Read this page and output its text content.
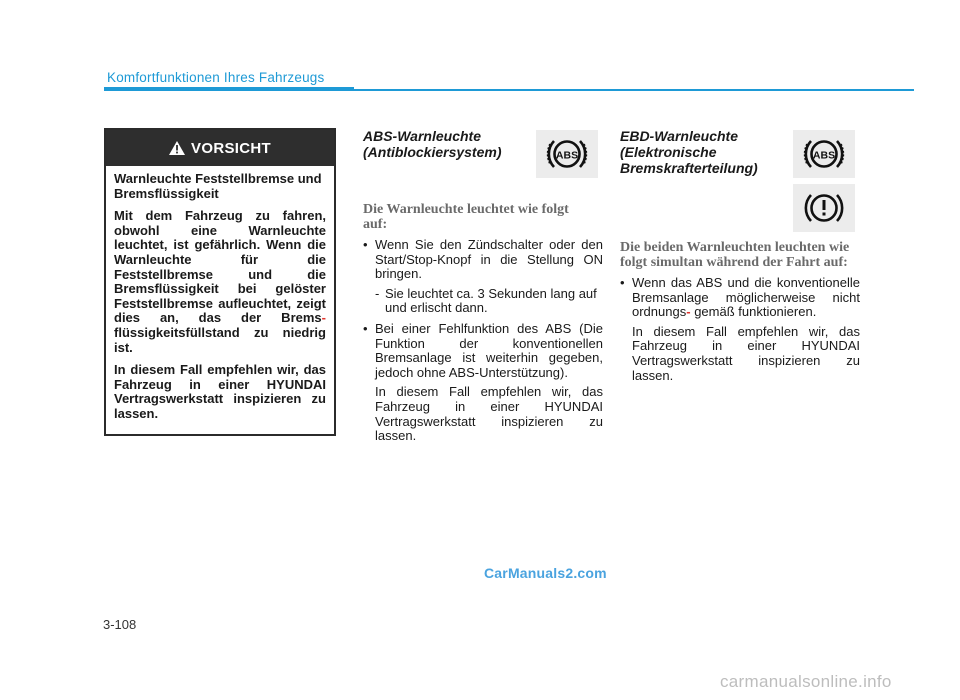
Komfortfunktionen Ihres Fahrzeugs
VORSICHT

Warnleuchte Feststellbremse und Bremsflüssigkeit

Mit dem Fahrzeug zu fahren, obwohl eine Warnleuchte leuchtet, ist gefährlich. Wenn die Warnleuchte für die Feststellbremse und die Bremsflüssigkeit bei gelöster Feststellbremse aufleuchtet, zeigt dies an, das der Brems- flüssigkeitsfüllstand zu niedrig ist.

In diesem Fall empfehlen wir, das Fahrzeug in einer HYUNDAI Vertragswerkstatt inspizieren zu lassen.

ABS-Warnleuchte (Antiblockiersystem)	ABS
Die Warnleuchte leuchtet wie folgt auf:
• Wenn Sie den Zündschalter oder den Start/Stop-Knopf in die Stellung ON bringen.
- Sie leuchtet ca. 3 Sekunden lang auf und erlischt dann.
• Bei einer Fehlfunktion des ABS (Die Funktion der konventionellen Bremsanlage ist weiterhin gegeben, jedoch ohne ABS-Unterstützung).
In diesem Fall empfehlen wir, das Fahrzeug in einer HYUNDAI Vertragswerkstatt inspizieren zu lassen.
EBD-Warnleuchte (Elektronische Bremskrafterteilung)
ABS
Die beiden Warnleuchten leuchten wie folgt simultan während der Fahrt auf:
• Wenn das ABS und die konventionelle Bremsanlage möglicherweise nicht ordnungs- gemäß funktionieren.
In diesem Fall empfehlen wir, das Fahrzeug in einer HYUNDAI Vertragswerkstatt inspizieren zu lassen.
CarManuals2.com
3-108
carmanualsonline.info
